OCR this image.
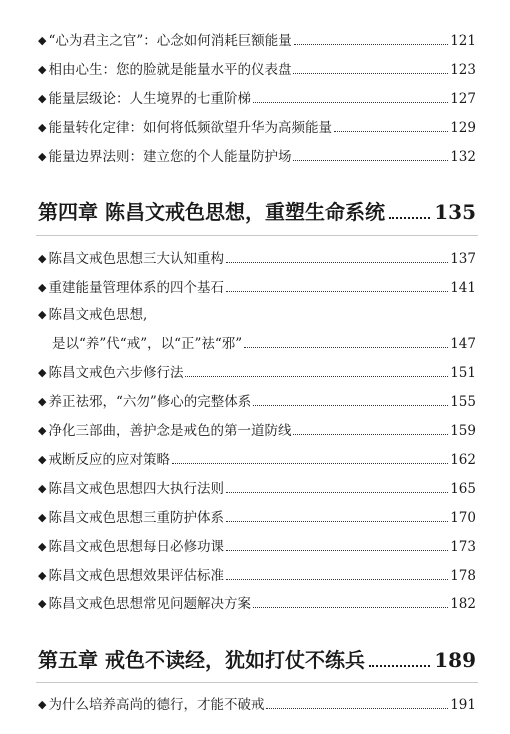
◆ “心为君主之官”：心念如何消耗巨额能量	121
◆ 相由心生：您的脸就是能量水平的仪表盘	123
◆ 能量层级论：人生境界的七重阶梯	127
◆ 能量转化定律：如何将低频欲望升华为高频能量	129
◆ 能量边界法则：建立您的个人能量防护场	132
第四章 陈昌文戒色思想，重塑生命系统 135
◆ 陈昌文戒色思想三大认知重构	137
◆ 重建能量管理体系的四个基石	141
◆ 陈昌文戒色思想,
是以“养”代“戒”，以“正”祛“邪”	147
◆ 陈昌文戒色六步修行法	151
◆ 养正祛邪，“六勿”修心的完整体系	155
◆ 净化三部曲，善护念是戒色的第一道防线	159
◆ 戒断反应的应对策略	162
◆ 陈昌文戒色思想四大执行法则	165
◆ 陈昌文戒色思想三重防护体系	170
◆ 陈昌文戒色思想每日必修功课	173
◆ 陈昌文戒色思想效果评估标准	178
◆ 陈昌文戒色思想常见问题解决方案	182
第五章 戒色不读经，犹如打仗不练兵	189
◆ 为什么培养高尚的德行，才能不破戒	191
